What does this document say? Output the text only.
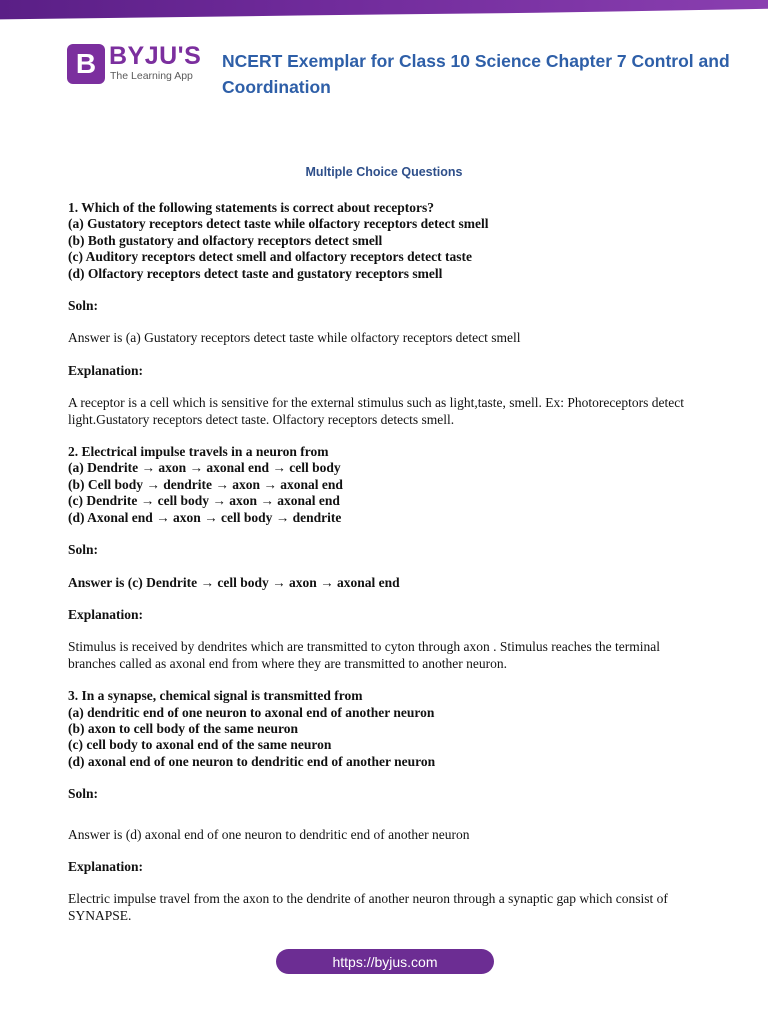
B BYJU'S
The Learning App
NCERT Exemplar for Class 10 Science Chapter 7 Control and Coordination
Multiple Choice Questions
1. Which of the following statements is correct about receptors?
(a) Gustatory receptors detect taste while olfactory receptors detect smell
(b) Both gustatory and olfactory receptors detect smell
(c) Auditory receptors detect smell and olfactory receptors detect taste
(d) Olfactory receptors detect taste and gustatory receptors smell
Soln:
Answer is (a) Gustatory receptors detect taste while olfactory receptors detect smell
Explanation:

A receptor is a cell which is sensitive for the external stimulus such as light,taste, smell. Ex: Photoreceptors detect light.Gustatory receptors detect taste. Olfactory receptors detects smell.

2. Electrical impulse travels in a neuron from
(a) Dendrite → axon → axonal end → cell body
(b) Cell body → dendrite → axon → axonal end
(c) Dendrite → cell body → axon → axonal end
(d) Axonal end → axon → cell body → dendrite
Soln:
Answer is (c) Dendrite → cell body → axon → axonal end
Explanation:

Stimulus is received by dendrites which are transmitted to cyton through axon . Stimulus reaches the terminal branches called as axonal end from where they are transmitted to another neuron.

3. In a synapse, chemical signal is transmitted from
(a) dendritic end of one neuron to axonal end of another neuron
(b) axon to cell body of the same neuron
(c) cell body to axonal end of the same neuron
(d) axonal end of one neuron to dendritic end of another neuron
Soln:
Answer is (d) axonal end of one neuron to dendritic end of another neuron
Explanation:

Electric impulse travel from the axon to the dendrite of another neuron through a synaptic gap which consist of SYNAPSE.

https://byjus.com
